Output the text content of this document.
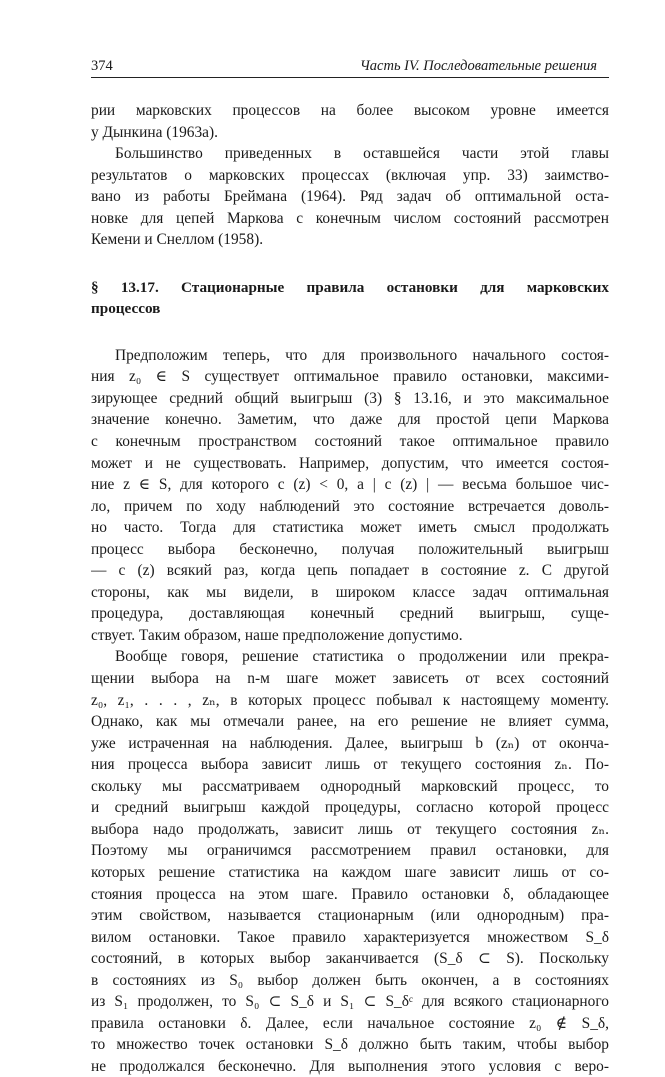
374	Часть IV. Последовательные решения

рии марковских процессов на более высоком уровне имеется
у Дынкина (1963а).

Большинство приведенных в оставшейся части этой главы
результатов о марковских процессах (включая упр. 33) заимство-
вано из работы Бреймана (1964). Ряд задач об оптимальной оста-
новке для цепей Маркова с конечным числом состояний рассмотрен
Кемени и Снеллом (1958).

§ 13.17. Стационарные правила остановки для марковских
процессов

Предположим теперь, что для произвольного начального состоя-
ния z₀ ∈ S существует оптимальное правило остановки, максими-
зирующее средний общий выигрыш (3) § 13.16, и это максимальное
значение конечно. Заметим, что даже для простой цепи Маркова
с конечным пространством состояний такое оптимальное правило
может и не существовать. Например, допустим, что имеется состоя-
ние z ∈ S, для которого c (z) < 0, а | c (z) | — весьма большое чис-
ло, причем по ходу наблюдений это состояние встречается доволь-
но часто. Тогда для статистика может иметь смысл продолжать
процесс выбора бесконечно, получая положительный выигрыш
— c (z) всякий раз, когда цепь попадает в состояние z. С другой
стороны, как мы видели, в широком классе задач оптимальная
процедура, доставляющая конечный средний выигрыш, суще-
ствует. Таким образом, наше предположение допустимо.

Вообще говоря, решение статистика о продолжении или прекра-
щении выбора на n-м шаге может зависеть от всех состояний
z₀, z₁, . . . , zₙ, в которых процесс побывал к настоящему моменту.
Однако, как мы отмечали ранее, на его решение не влияет сумма,
уже истраченная на наблюдения. Далее, выигрыш b (zₙ) от оконча-
ния процесса выбора зависит лишь от текущего состояния zₙ. По-
скольку мы рассматриваем однородный марковский процесс, то
и средний выигрыш каждой процедуры, согласно которой процесс
выбора надо продолжать, зависит лишь от текущего состояния zₙ.
Поэтому мы ограничимся рассмотрением правил остановки, для
которых решение статистика на каждом шаге зависит лишь от со-
стояния процесса на этом шаге. Правило остановки δ, обладающее
этим свойством, называется стационарным (или однородным) пра-
вилом остановки. Такое правило характеризуется множеством S_δ
состояний, в которых выбор заканчивается (S_δ ⊂ S). Поскольку
в состояниях из S₀ выбор должен быть окончен, а в состояниях
из S₁ продолжен, то S₀ ⊂ S_δ и S₁ ⊂ S_δᶜ для всякого стационарного
правила остановки δ. Далее, если начальное состояние z₀ ∉ S_δ,
то множество точек остановки S_δ должно быть таким, чтобы выбор
не продолжался бесконечно. Для выполнения этого условия с веро-
